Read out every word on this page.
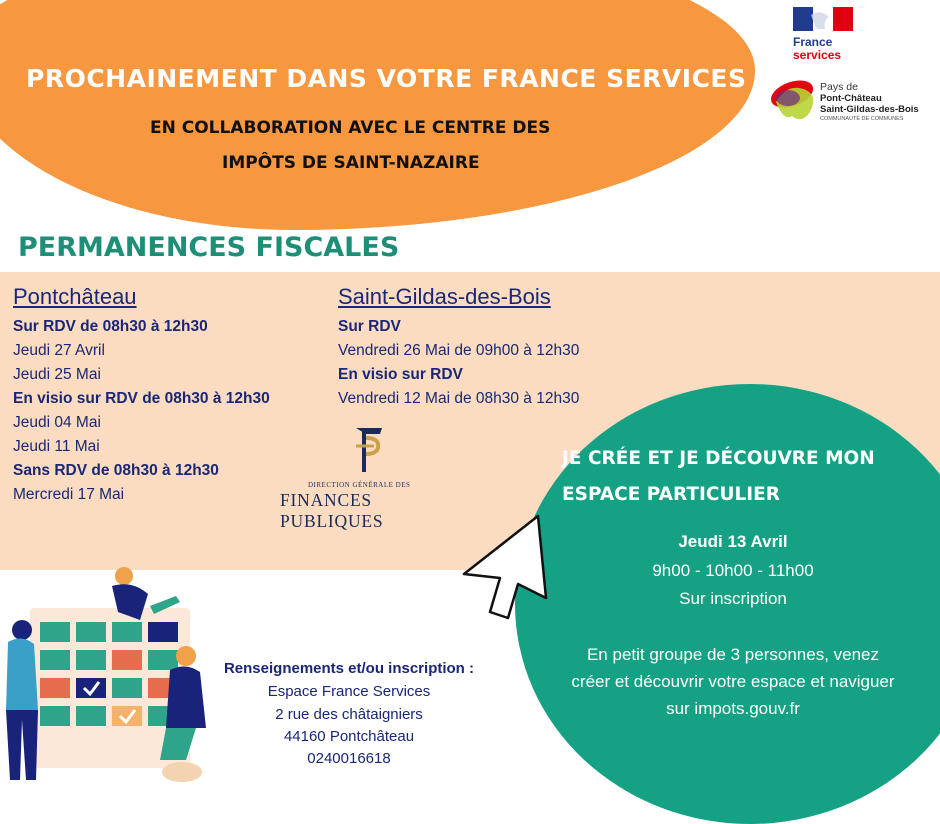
PROCHAINEMENT DANS VOTRE FRANCE SERVICES
EN COLLABORATION AVEC LE CENTRE DES
IMPÔTS DE SAINT-NAZAIRE
France
services
Pays de
Pont-Château
Saint-Gildas-des-Bois
COMMUNAUTÉ DE COMMUNES
PERMANENCES FISCALES
Pontchâteau
Sur RDV de 08h30 à 12h30
Jeudi 27 Avril
Jeudi 25 Mai
En visio sur RDV de 08h30 à 12h30
Jeudi 04 Mai
Jeudi 11 Mai
Sans RDV de 08h30 à 12h30
Mercredi 17 Mai
Saint-Gildas-des-Bois
Sur RDV
Vendredi 26 Mai de 09h00 à 12h30
En visio sur RDV
Vendredi 12 Mai de 08h30 à 12h30
DIRECTION GÉNÉRALE DES
FINANCES PUBLIQUES
JE CRÉE ET JE DÉCOUVRE MON
ESPACE PARTICULIER
Jeudi 13 Avril
9h00 - 10h00 - 11h00
Sur inscription
En petit groupe de 3 personnes, venez
créer et découvrir votre espace et naviguer
sur impots.gouv.fr
Renseignements et/ou inscription :
Espace France Services
2 rue des châtaigniers
44160 Pontchâteau
0240016618
